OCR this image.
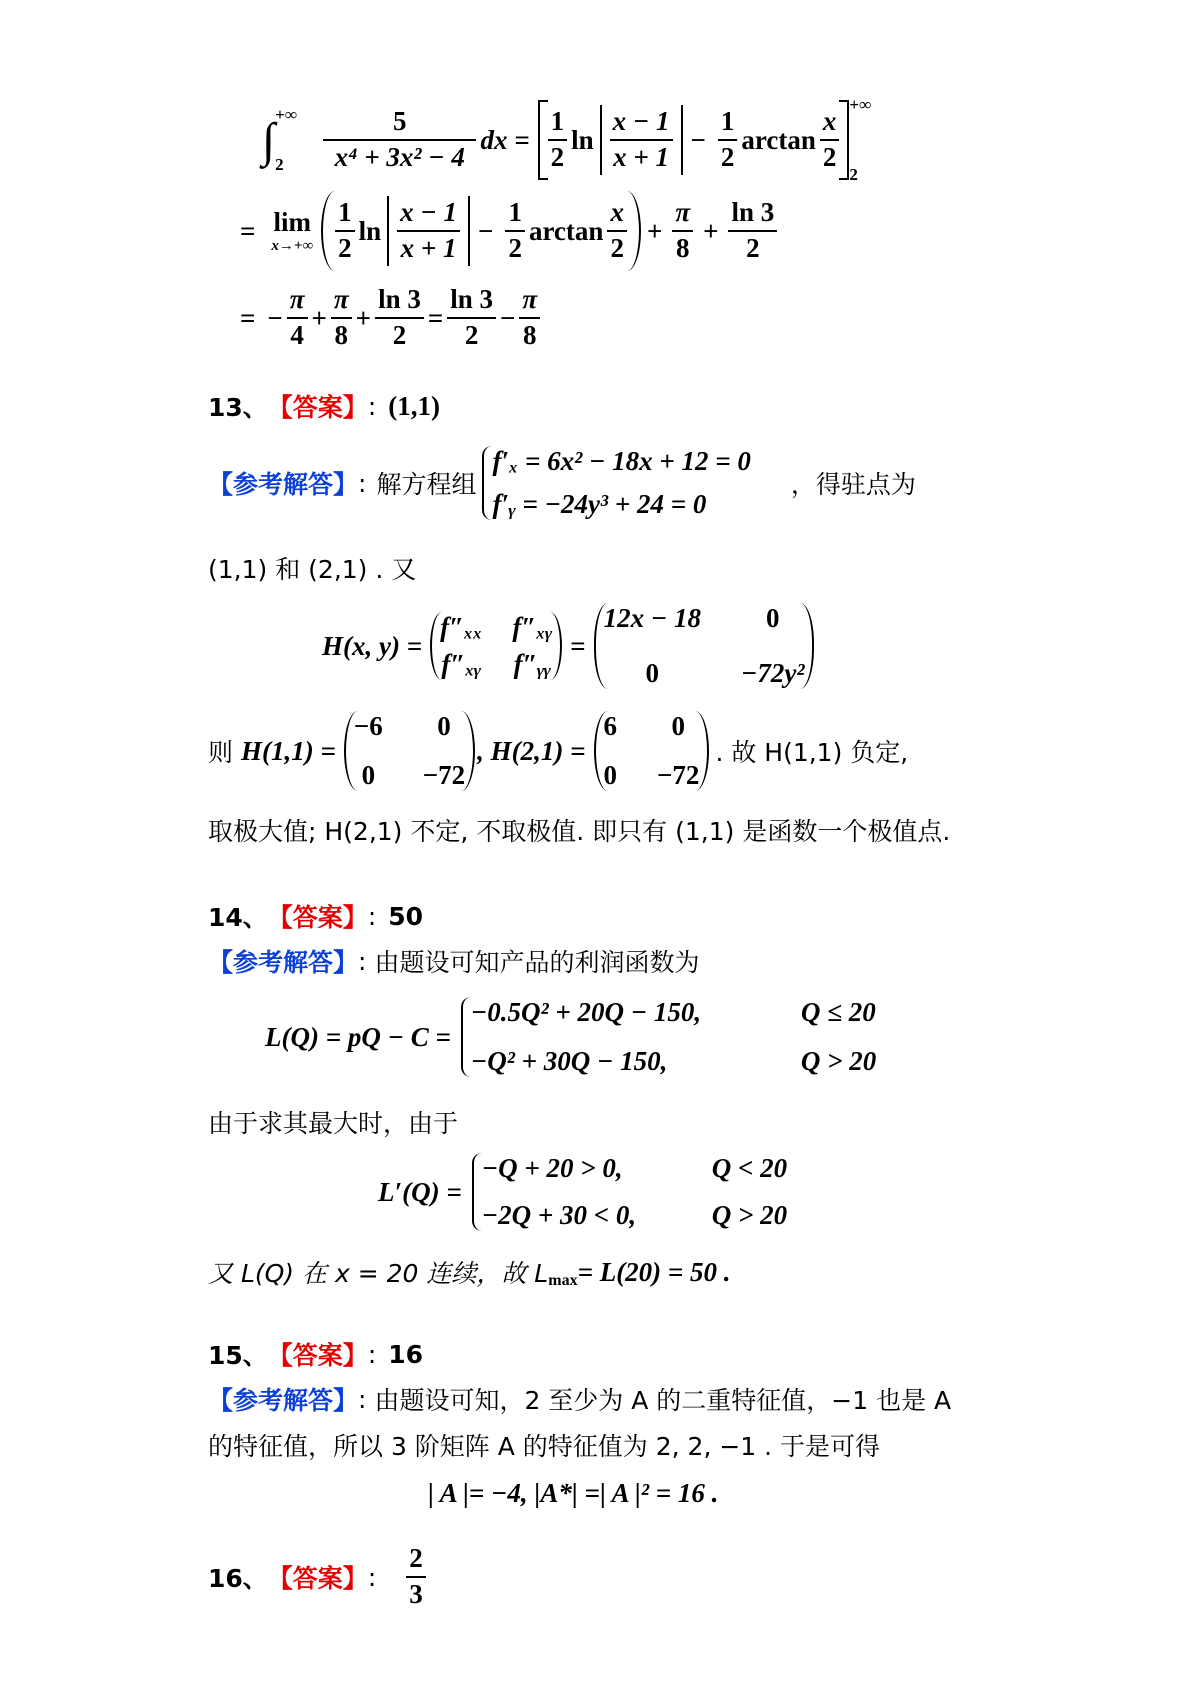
∫ +∞
2	$\frac{5}{\text{x⁴ + 3x² − 4}}$ dx = $\frac{1}{2}$ $\ln \frac{x - 1}{x + 1} - \frac{1}{2}$ $\arctan \frac{x}{2}$
+∞
2
= lim
$x\to+\infty \frac{1}{2}$ $\ln \frac{x - 1}{x + 1} - \frac{1}{2}$ $\arctan \frac{x}{2} + \frac{\pi}{8} + \frac{\ln 3}{2}$
= − $\frac{\pi}{4} + \frac{\pi}{8} + \frac{\ln 3}{2} = \frac{\ln 3}{2} - \frac{\pi}{8}$
13、 【答案】 : (1,1)
【参考解答】 : 解方程组
f′ₓ = 6x² − 18x + 12 = 0
f′ᵧ = −24y³ + 24 = 0
，得驻点为
(1,1) 和 (2,1) . 又
H(x, y) =
f″ₓₓ f″ₓᵧ
f″ₓᵧ f″ᵧᵧ
=
12x − 18	0
0	−72y²
则 H(1,1) =
−6	0
0 −72
, H(2,1) =
6	0
0 −72
. 故 H(1,1) 负定,
取极大值; H(2,1) 不定, 不取极值. 即只有 (1,1) 是函数一个极值点.
14、 【答案】 : 50
【参考解答】 : 由题设可知产品的利润函数为
L(Q) = pQ − C =
−0.5Q² + 20Q − 150,	Q ≤ 20
−Q² + 30Q − 150,	Q > 20
由于求其最大时，由于
L′(Q) =
−Q + 20 > 0,	Q < 20
−2Q + 30 < 0,	Q > 20
又 L(Q) 在 x = 20 连续，故 $L_{max} = L(20) = 50$ .
15、 【答案】 : 16
【参考解答】 : 由题设可知，2 至少为 A 的二重特征值，−1 也是 A
的特征值，所以 3 阶矩阵 A 的特征值为 2, 2, −1 . 于是可得
| A |= −4, |A*| =| A |² = 16 .
16、 【答案】 : $\frac{2}{3}$
